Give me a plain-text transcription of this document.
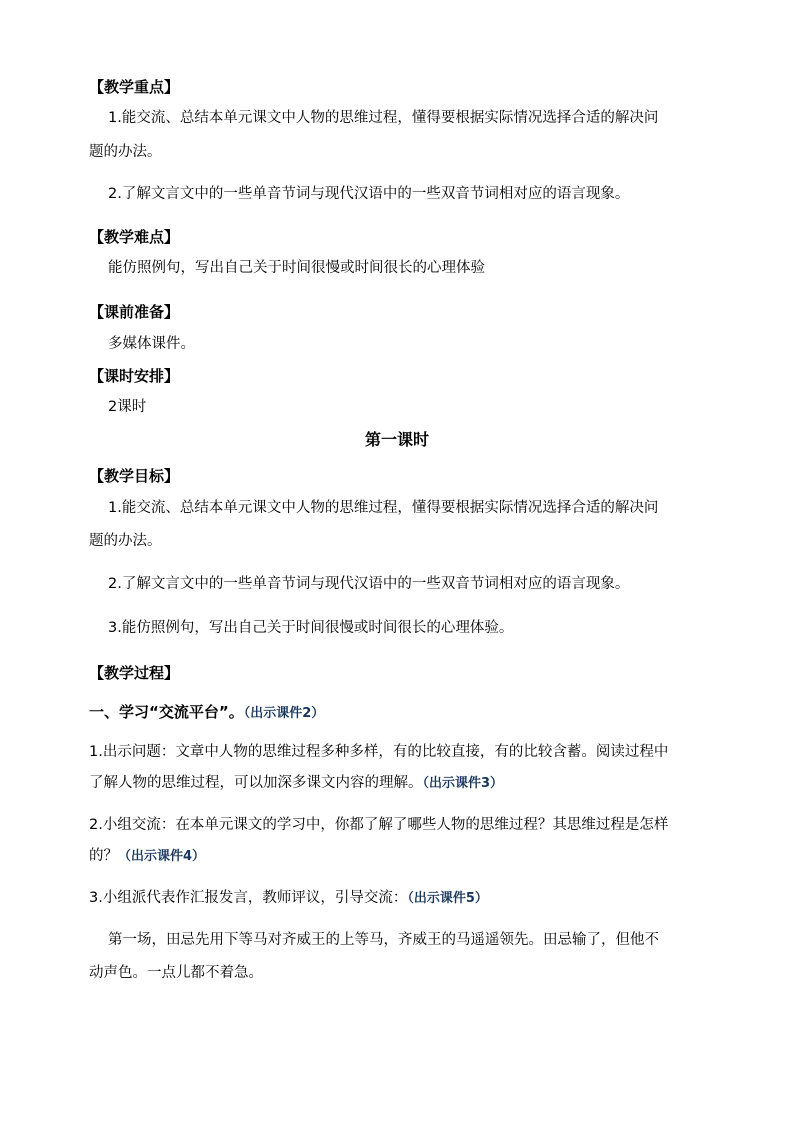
【教学重点】
1.能交流、总结本单元课文中人物的思维过程，懂得要根据实际情况选择合适的解决问
题的办法。
2.了解文言文中的一些单音节词与现代汉语中的一些双音节词相对应的语言现象。
【教学难点】
能仿照例句，写出自己关于时间很慢或时间很长的心理体验
【课前准备】
多媒体课件。
【课时安排】
2课时
第一课时
【教学目标】
1.能交流、总结本单元课文中人物的思维过程，懂得要根据实际情况选择合适的解决问
题的办法。
2.了解文言文中的一些单音节词与现代汉语中的一些双音节词相对应的语言现象。
3.能仿照例句，写出自己关于时间很慢或时间很长的心理体验。
【教学过程】
一、学习“交流平台”。（出示课件2）
1.出示问题：文章中人物的思维过程多种多样，有的比较直接，有的比较含蓄。阅读过程中
了解人物的思维过程，可以加深多课文内容的理解。（出示课件3）
2.小组交流：在本单元课文的学习中，你都了解了哪些人物的思维过程？其思维过程是怎样
的？（出示课件4）
3.小组派代表作汇报发言，教师评议，引导交流：（出示课件5）
第一场，田忌先用下等马对齐威王的上等马，齐威王的马遥遥领先。田忌输了，但他不
动声色。一点儿都不着急。
